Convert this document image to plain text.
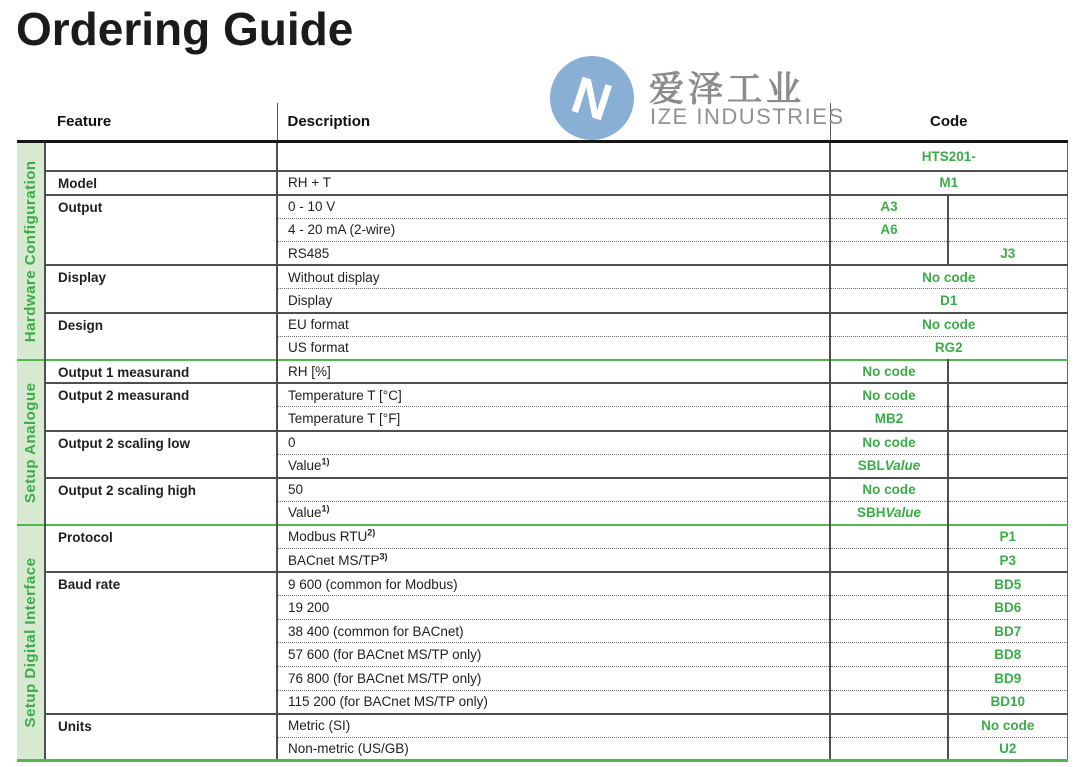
Ordering Guide
N 爱泽工业
IZE INDUSTRIES
	Feature	Description	Code	

Hardware Configuration			HTS201-	
	Model	RH + T	M1	
	Output	0 - 10 V	A3	
		4 - 20 mA (2-wire)	A6	
		RS485		J3
	Display	Without display	No code	
		Display	D1	
	Design	EU format	No code	
		US format	RG2	

Setup Analogue	Output 1 measurand	RH [%]	No code	
	Output 2 measurand	Temperature T [°C]	No code	
		Temperature T [°F]	MB2	
	Output 2 scaling low	0	No code	
		Value$^{1)}$	SBLValue	
	Output 2 scaling high	50	No code	
		Value$^{1)}$	SBHValue	

Setup Digital Interface	Protocol	Modbus RTU$^{2)}$		P1
		BACnet MS/TP$^{3)}$		P3
	Baud rate	9 600 (common for Modbus)		BD5
		19 200		BD6
		38 400 (common for BACnet)		BD7
		57 600 (for BACnet MS/TP only)		BD8
		76 800 (for BACnet MS/TP only)		BD9
		115 200 (for BACnet MS/TP only)		BD10
	Units	Metric (SI)		No code
		Non-metric (US/GB)		U2
